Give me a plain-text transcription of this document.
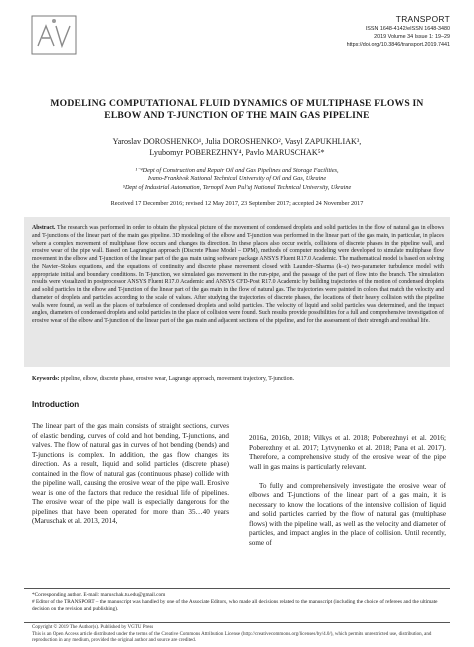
TRANSPORT
ISSN 1648-4142/eISSN 1648-3480
2019 Volume 34 Issue 1: 19–29
https://doi.org/10.3846/transport.2019.7441
MODELING COMPUTATIONAL FLUID DYNAMICS OF MULTIPHASE FLOWS IN ELBOW AND T-JUNCTION OF THE MAIN GAS PIPELINE
Yaroslav DOROSHENKO¹, Julia DOROSHENKO², Vasyl ZAPUKHLIAK³,
Lyubomyr POBEREZHNY⁴, Pavlo MARUSCHAK⁵*
¹⁻⁴Dept of Construction and Repair Oil and Gas Pipelines and Storage Facilities,
Ivano-Frankivsk National Technical University of Oil and Gas, Ukraine
⁵Dept of Industrial Automation, Ternopil Ivan Pul'uj National Technical University, Ukraine
Received 17 December 2016; revised 12 May 2017, 23 September 2017; accepted 24 November 2017
Abstract. The research was performed in order to obtain the physical picture of the movement of condensed droplets and solid particles in the flow of natural gas in elbows and T-junctions of the linear part of the main gas pipeline. 3D modeling of the elbow and T-junction was performed in the linear part of the gas main, in particular, in places where a complex movement of multiphase flow occurs and changes its direction. In these places also occur swirls, collisions of discrete phases in the pipeline wall, and erosive wear of the pipe wall. Based on Lagrangian approach (Discrete Phase Model – DPM), methods of computer modeling were developed to simulate multiphase flow movement in the elbow and T-junction of the linear part of the gas main using software package ANSYS Fluent R17.0 Academic. The mathematical model is based on solving the Navier–Stokes equations, and the equations of continuity and discrete phase movement closed with Launder–Sharma (k–ε) two-parameter turbulence model with appropriate initial and boundary conditions. In T-junction, we simulated gas movement in the run-pipe, and the passage of the part of flow into the branch. The simulation results were visualized in postprocessor ANSYS Fluent R17.0 Academic and ANSYS CFD-Post R17.0 Academic by building trajectories of the motion of condensed droplets and solid particles in the elbow and T-junction of the linear part of the gas main in the flow of natural gas. The trajectories were painted in colors that match the velocity and diameter of droplets and particles according to the scale of values. After studying the trajectories of discrete phases, the locations of their heavy collision with the pipeline walls were found, as well as the places of turbulence of condensed droplets and solid particles. The velocity of liquid and solid particles was determined, and the impact angles, diameters of condensed droplets and solid particles in the place of collision were found. Such results provide possibilities for a full and comprehensive investigation of erosive wear of the elbow and T-junction of the linear part of the gas main and adjacent sections of the pipeline, and for the assessment of their strength and residual life.
Keywords: pipeline, elbow, discrete phase, erosive wear, Lagrange approach, movement trajectory, T-junction.
Introduction
The linear part of the gas main consists of straight sections, curves of elastic bending, curves of cold and hot bending, T-junctions, and valves. The flow of natural gas in curves of hot bending (bends) and T-junctions is complex. In addition, the gas flow changes its direction. As a result, liquid and solid particles (discrete phase) contained in the flow of natural gas (continuous phase) collide with the pipeline wall, causing the erosive wear of the pipe wall. Erosive wear is one of the factors that reduce the residual life of pipelines. The erosive wear of the pipe wall is especially dangerous for the pipelines that have been operated for more than 35…40 years (Maruschak et al. 2013, 2014,

2016a, 2016b, 2018; Vilkys et al. 2018; Poberezhnyi et al. 2016; Poberezhny et al. 2017; Lytvynenko et al. 2018; Pana et al. 2017). Therefore, a comprehensive study of the erosive wear of the pipe wall in gas mains is particularly relevant.

To fully and comprehensively investigate the erosive wear of elbows and T-junctions of the linear part of a gas main, it is necessary to know the locations of the intensive collision of liquid and solid particles carried by the flow of natural gas (multiphase flows) with the pipeline wall, as well as the velocity and diameter of particles, and impact angles in the place of collision. Until recently, some of

*Corresponding author. E-mail: maruschak.tu.edu@gmail.com
# Editor of the TRANSPORT – the manuscript was handled by one of the Associate Editors, who made all decisions related to the manuscript (including the choice of referees and the ultimate decision on the revision and publishing).
Copyright © 2019 The Author(s). Published by VGTU Press
This is an Open Access article distributed under the terms of the Creative Commons Attribution License (http://creativecommons.org/licenses/by/4.0/), which permits unrestricted use, distribution, and reproduction in any medium, provided the original author and source are credited.
